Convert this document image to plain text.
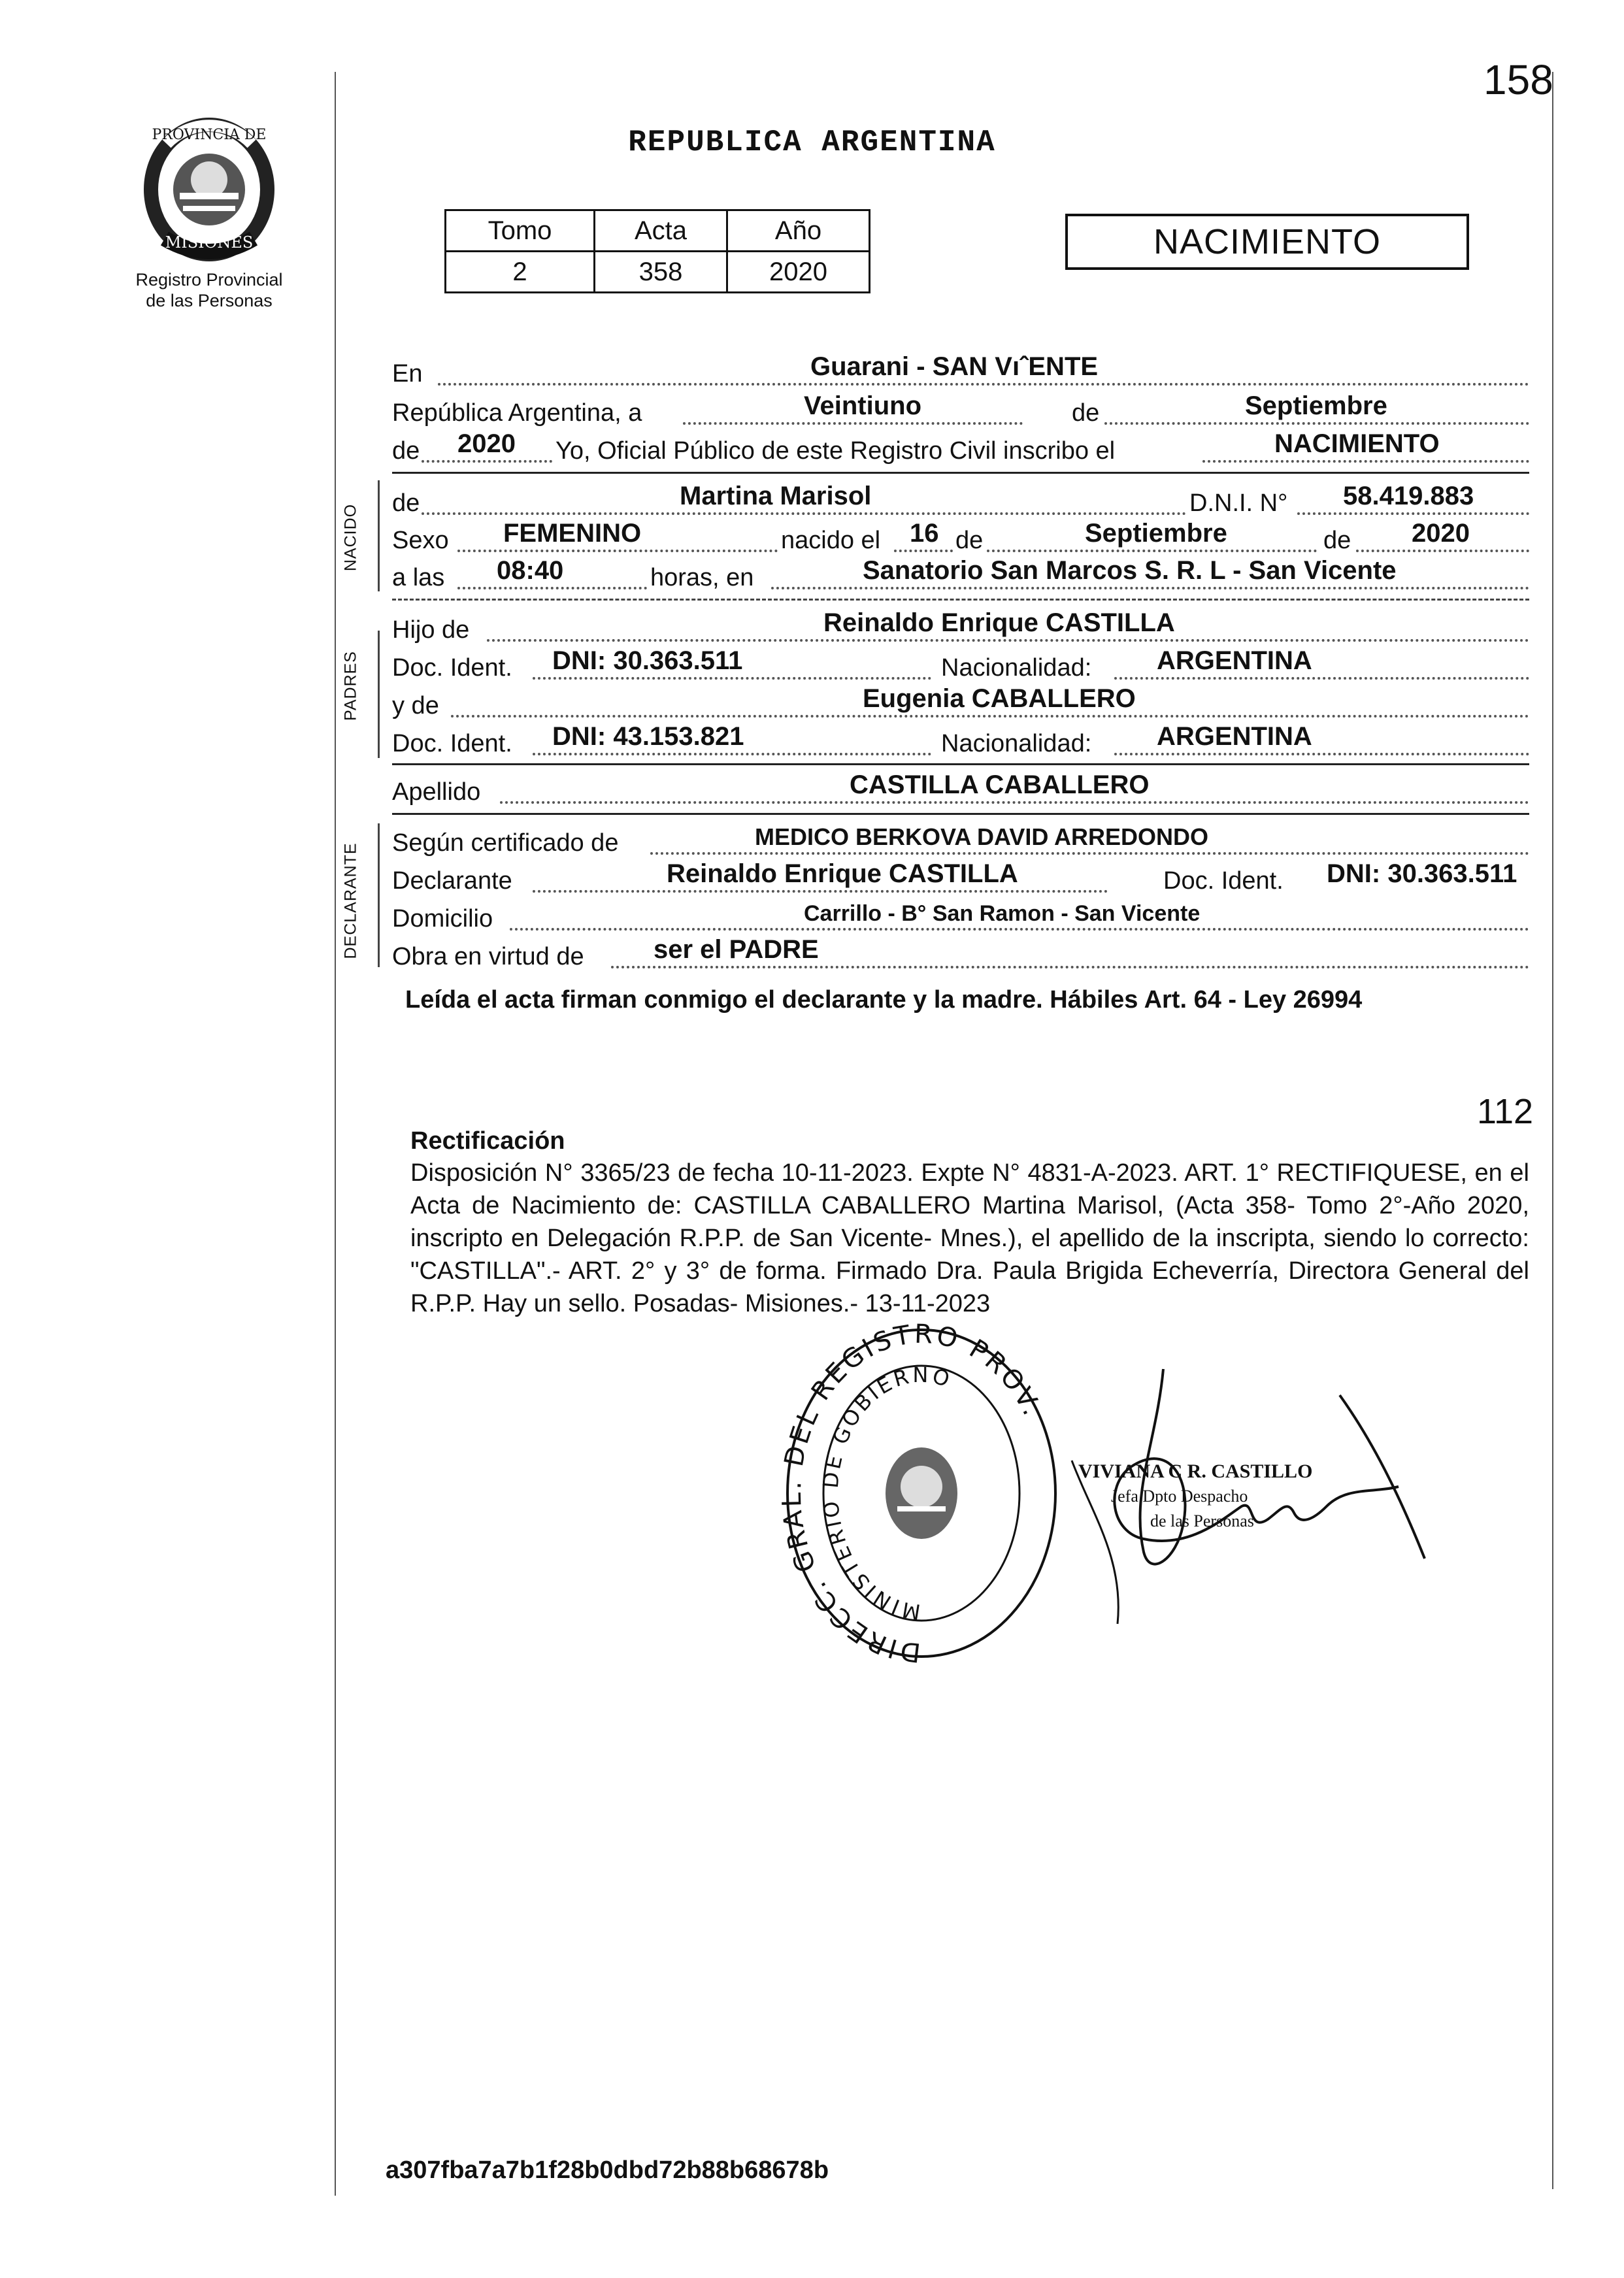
158
PROVINCIA DE
MISIONES
Registro Provincial
de las Personas
REPUBLICA ARGENTINA
Tomo	Acta	Año
2	358	2020
NACIMIENTO
NACIDO
PADRES
DECLARANTE
En	Guarani - SAN VıˆENTE
República Argentina, a	Veintiuno	de	Septiembre
de 2020 Yo, Oficial Público de este Registro Civil inscribo el	NACIMIENTO
de	Martina Marisol	D.N.I. N° 58.419.883
Sexo FEMENINO	nacido el 16 de	Septiembre	de 2020
a las 08:40	horas, en	Sanatorio San Marcos S. R. L - San Vicente
Hijo de	Reinaldo Enrique CASTILLA
Doc. Ident. DNI: 30.363.511	Nacionalidad: ARGENTINA
y de	Eugenia CABALLERO
Doc. Ident. DNI: 43.153.821	Nacionalidad: ARGENTINA
Apellido	CASTILLA CABALLERO
Según certificado de	MEDICO BERKOVA DAVID ARREDONDO
Declarante	Reinaldo Enrique CASTILLA	Doc. Ident. DNI: 30.363.511
Domicilio	Carrillo - B° San Ramon - San Vicente
Obra en virtud de	ser el PADRE
Leída el acta firman conmigo el declarante y la madre. Hábiles Art. 64 - Ley 26994
112
Rectificación
Disposición N° 3365/23 de fecha 10-11-2023. Expte N° 4831-A-2023. ART. 1° RECTIFIQUESE, en el Acta de Nacimiento de: CASTILLA CABALLERO Martina Marisol, (Acta 358- Tomo 2°-Año 2020, inscripto en Delegación R.P.P. de San Vicente- Mnes.), el apellido de la inscripta, siendo lo correcto: "CASTILLA".- ART. 2° y 3° de forma. Firmado Dra. Paula Brigida Echeverría, Directora General del R.P.P. Hay un sello. Posadas- Misiones.- 13-11-2023
DIRECC. GR DEL REGISTRO PROV.
MINISTERIO DE GOBIERNO
VIVIANA C R. CASTILLO
Jefa Dpto Despacho
de las Personas
a307fba7a7b1f28b0dbd72b88b68678b
